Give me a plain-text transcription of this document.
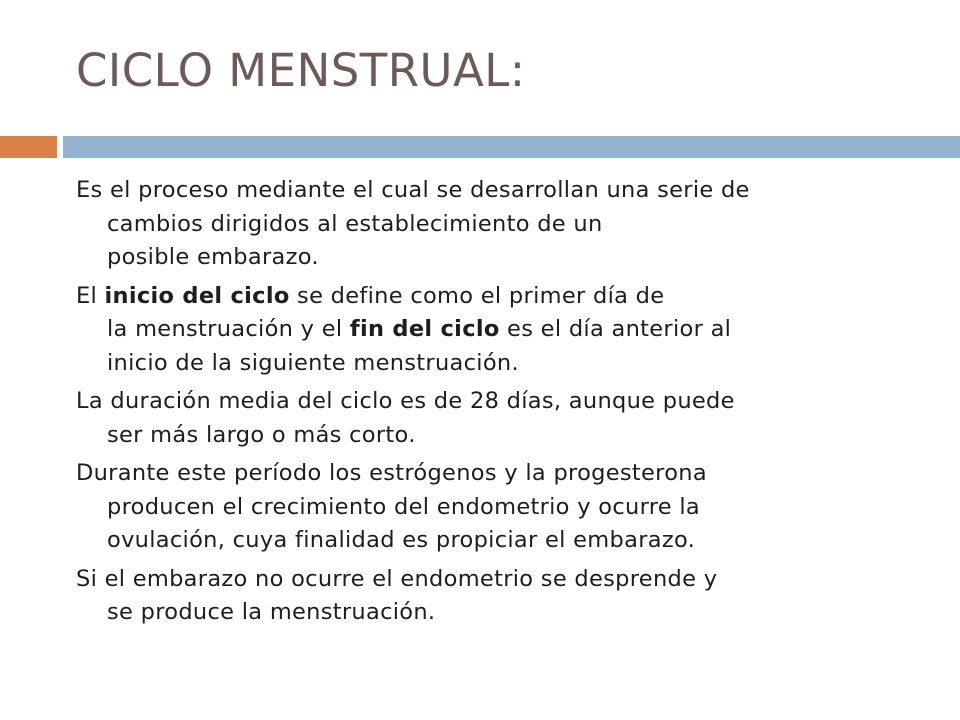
CICLO MENSTRUAL:

Es el proceso mediante el cual se desarrollan una serie de
cambios dirigidos al establecimiento de un
posible embarazo.

El inicio del ciclo se define como el primer día de
la menstruación y el fin del ciclo es el día anterior al
inicio de la siguiente menstruación.

La duración media del ciclo es de 28 días, aunque puede
ser más largo o más corto.

Durante este período los estrógenos y la progesterona
producen el crecimiento del endometrio y ocurre la
ovulación, cuya finalidad es propiciar el embarazo.

Si el embarazo no ocurre el endometrio se desprende y
se produce la menstruación.
